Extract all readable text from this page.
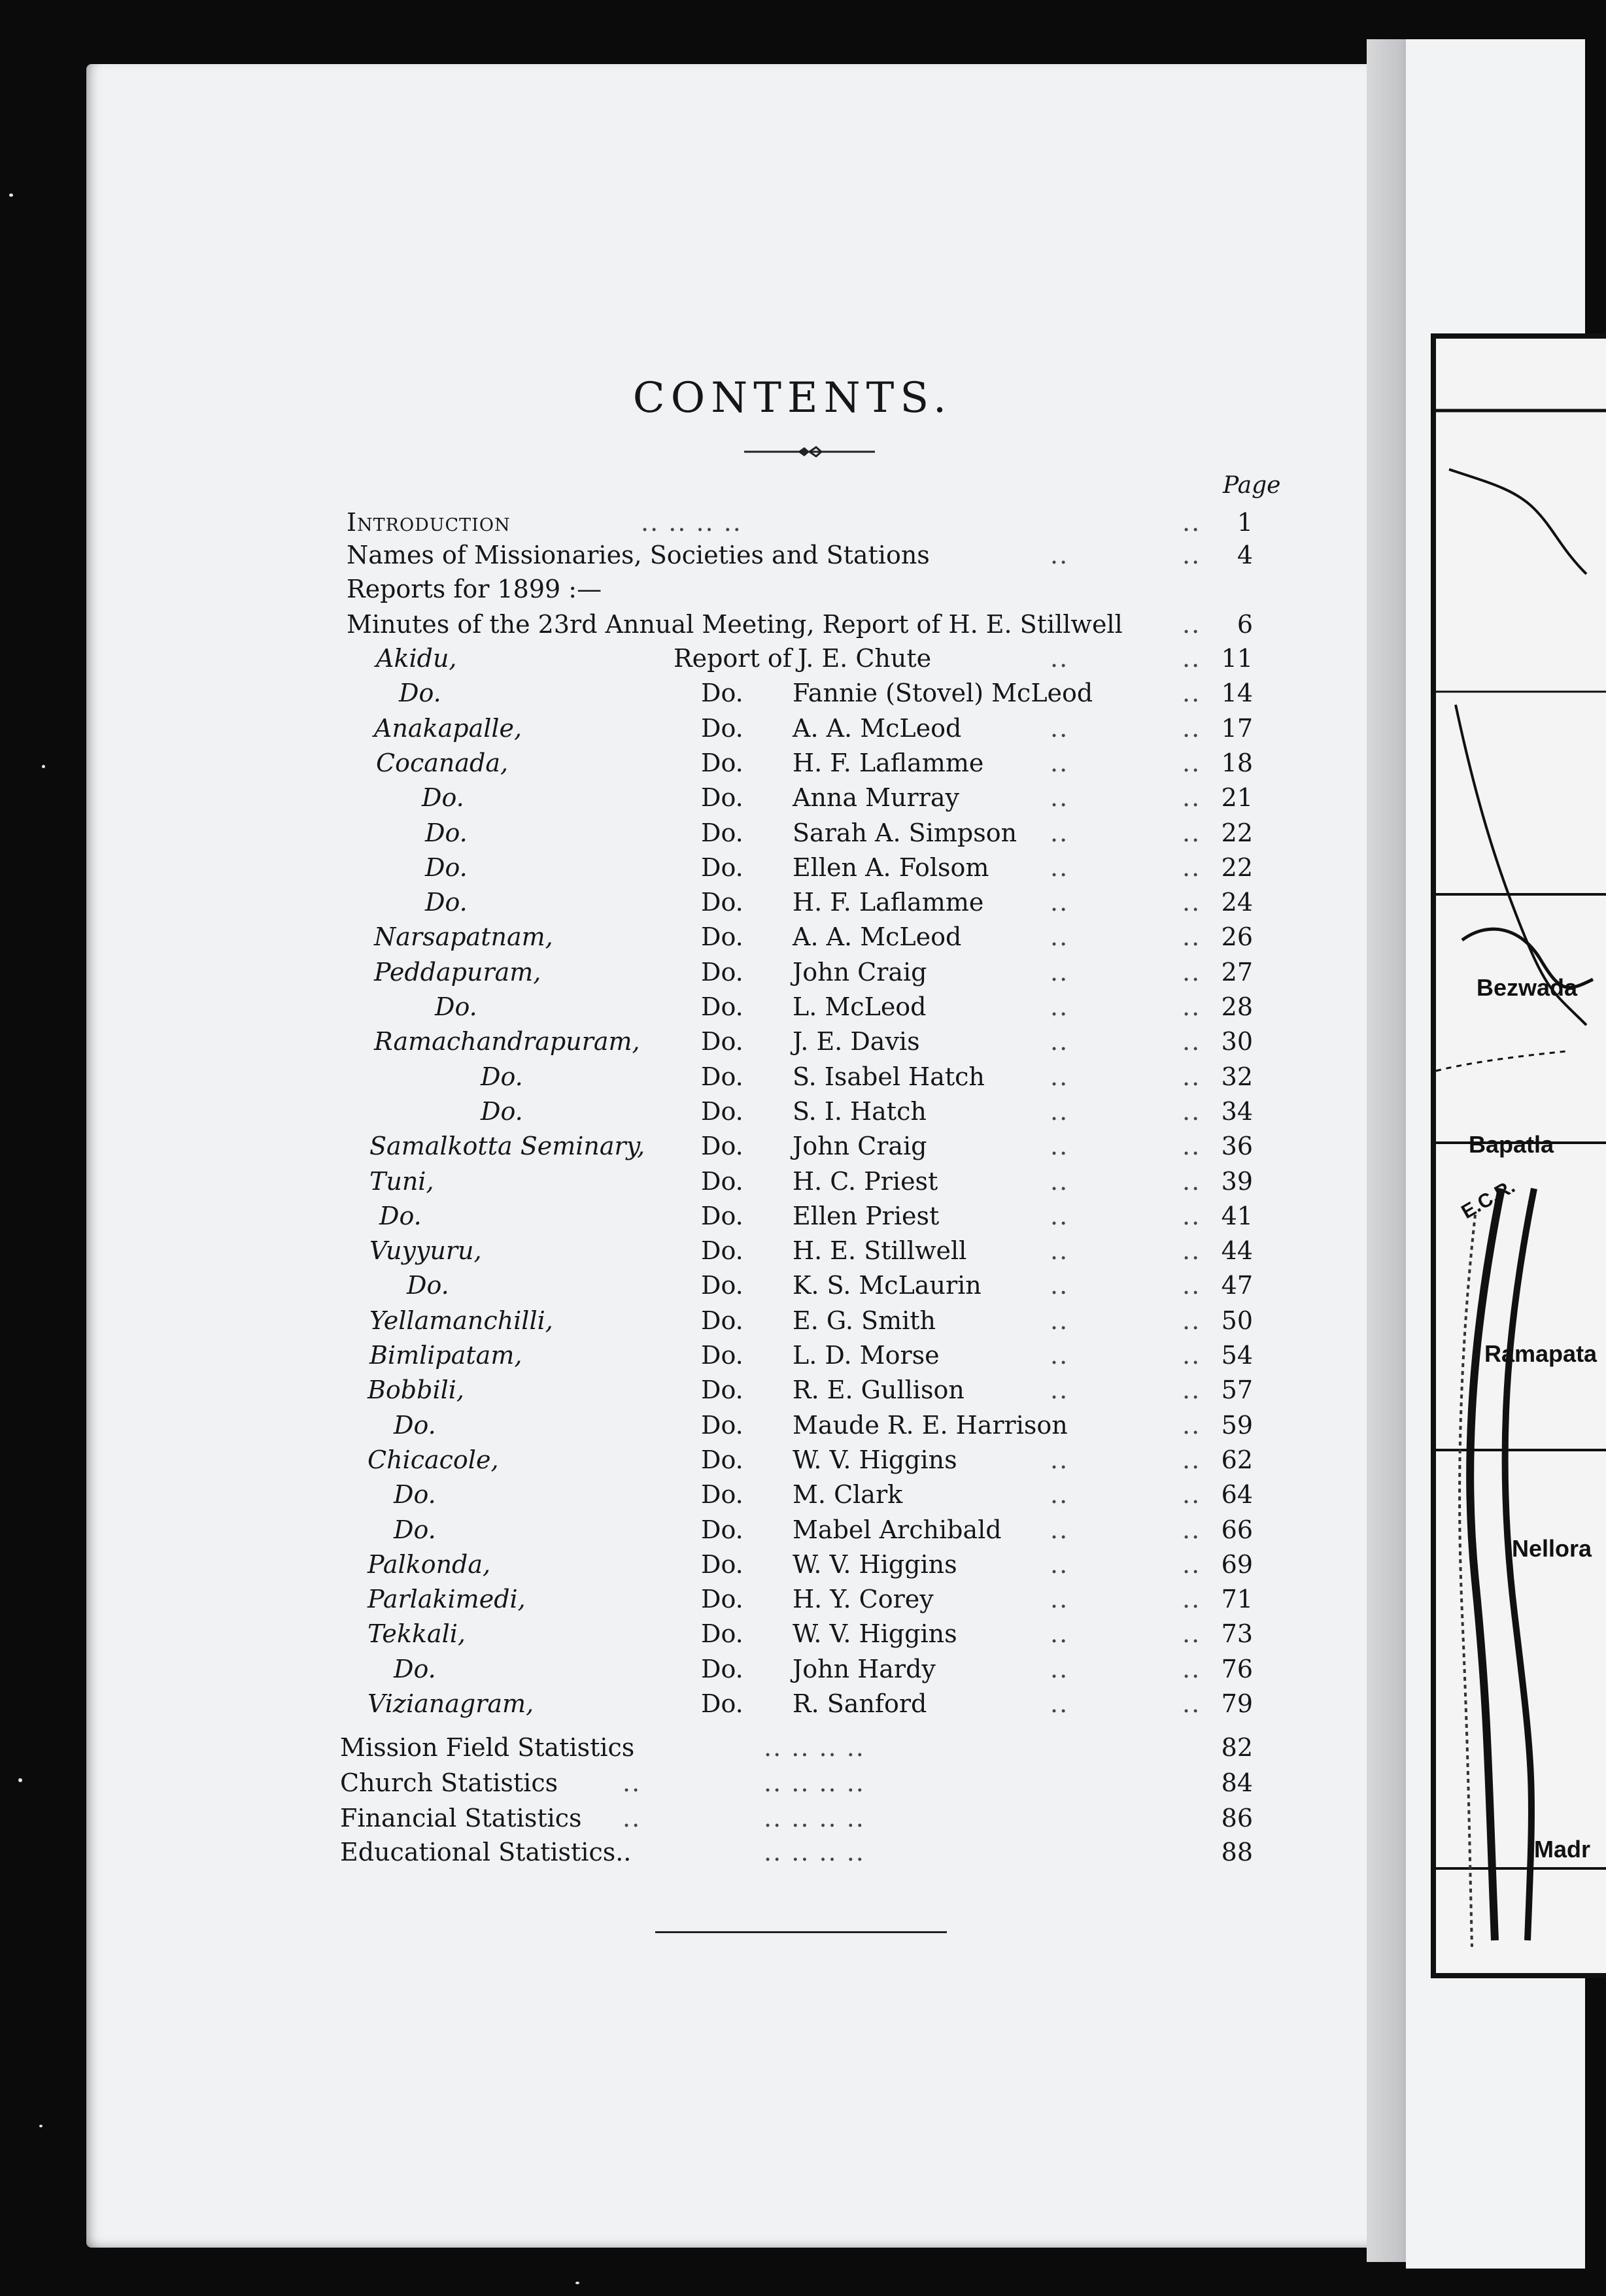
Bezwada
Bapatla
E.C.R.
Ramapata
Nellora
Madr
CONTENTS.
Page
Introduction	.. .. .. ..	..	1
Names of Missionaries, Societies and Stations	..	..	4
Reports for 1899 :—
Minutes of the 23rd Annual Meeting, Report of H. E. Stillwell ..	6
Akidu,	Report of J. E. Chute	..	.. 11
Do.	Do. Fannie (Stovel) McLeod	.. 14
Anakapalle,	Do. A. A. McLeod	..	.. 17
Cocanada,	Do. H. F. Laflamme	..	.. 18
Do.	Do. Anna Murray	..	.. 21
Do.	Do. Sarah A. Simpson ..	.. 22
Do.	Do. Ellen A. Folsom ..	.. 22
Do.	Do. H. F. Laflamme	..	.. 24
Narsapatnam,	Do. A. A. McLeod	..	.. 26
Peddapuram,	Do. John Craig	..	.. 27
Do.	Do. L. McLeod	..	.. 28
Ramachandrapuram, Do. J. E. Davis	..	.. 30
Do.	Do. S. Isabel Hatch	..	.. 32
Do.	Do. S. I. Hatch	..	.. 34
Samalkotta Seminary, Do. John Craig	..	.. 36
Tuni,	Do. H. C. Priest	..	.. 39
Do.	Do. Ellen Priest	..	.. 41
Vuyyuru,	Do. H. E. Stillwell	..	.. 44
Do.	Do. K. S. McLaurin	..	.. 47
Yellamanchilli,	Do. E. G. Smith	..	.. 50
Bimlipatam,	Do. L. D. Morse	..	.. 54
Bobbili,	Do. R. E. Gullison	..	.. 57
Do.	Do. Maude R. E. Harrison	.. 59
Chicacole,	Do. W. V. Higgins	..	.. 62
Do.	Do. M. Clark	..	.. 64
Do.	Do. Mabel Archibald ..	.. 66
Palkonda,	Do. W. V. Higgins	..	.. 69
Parlakimedi,	Do. H. Y. Corey	..	.. 71
Tekkali,	Do. W. V. Higgins	..	.. 73
Do.	Do. John Hardy	..	.. 76
Vizianagram,	Do. R. Sanford	..	.. 79
Mission Field Statistics	.. .. .. ..	82
Church Statistics	..	.. .. .. ..	84
Financial Statistics ..	.. .. .. ..	86
Educational Statistics..	.. .. .. ..	88
